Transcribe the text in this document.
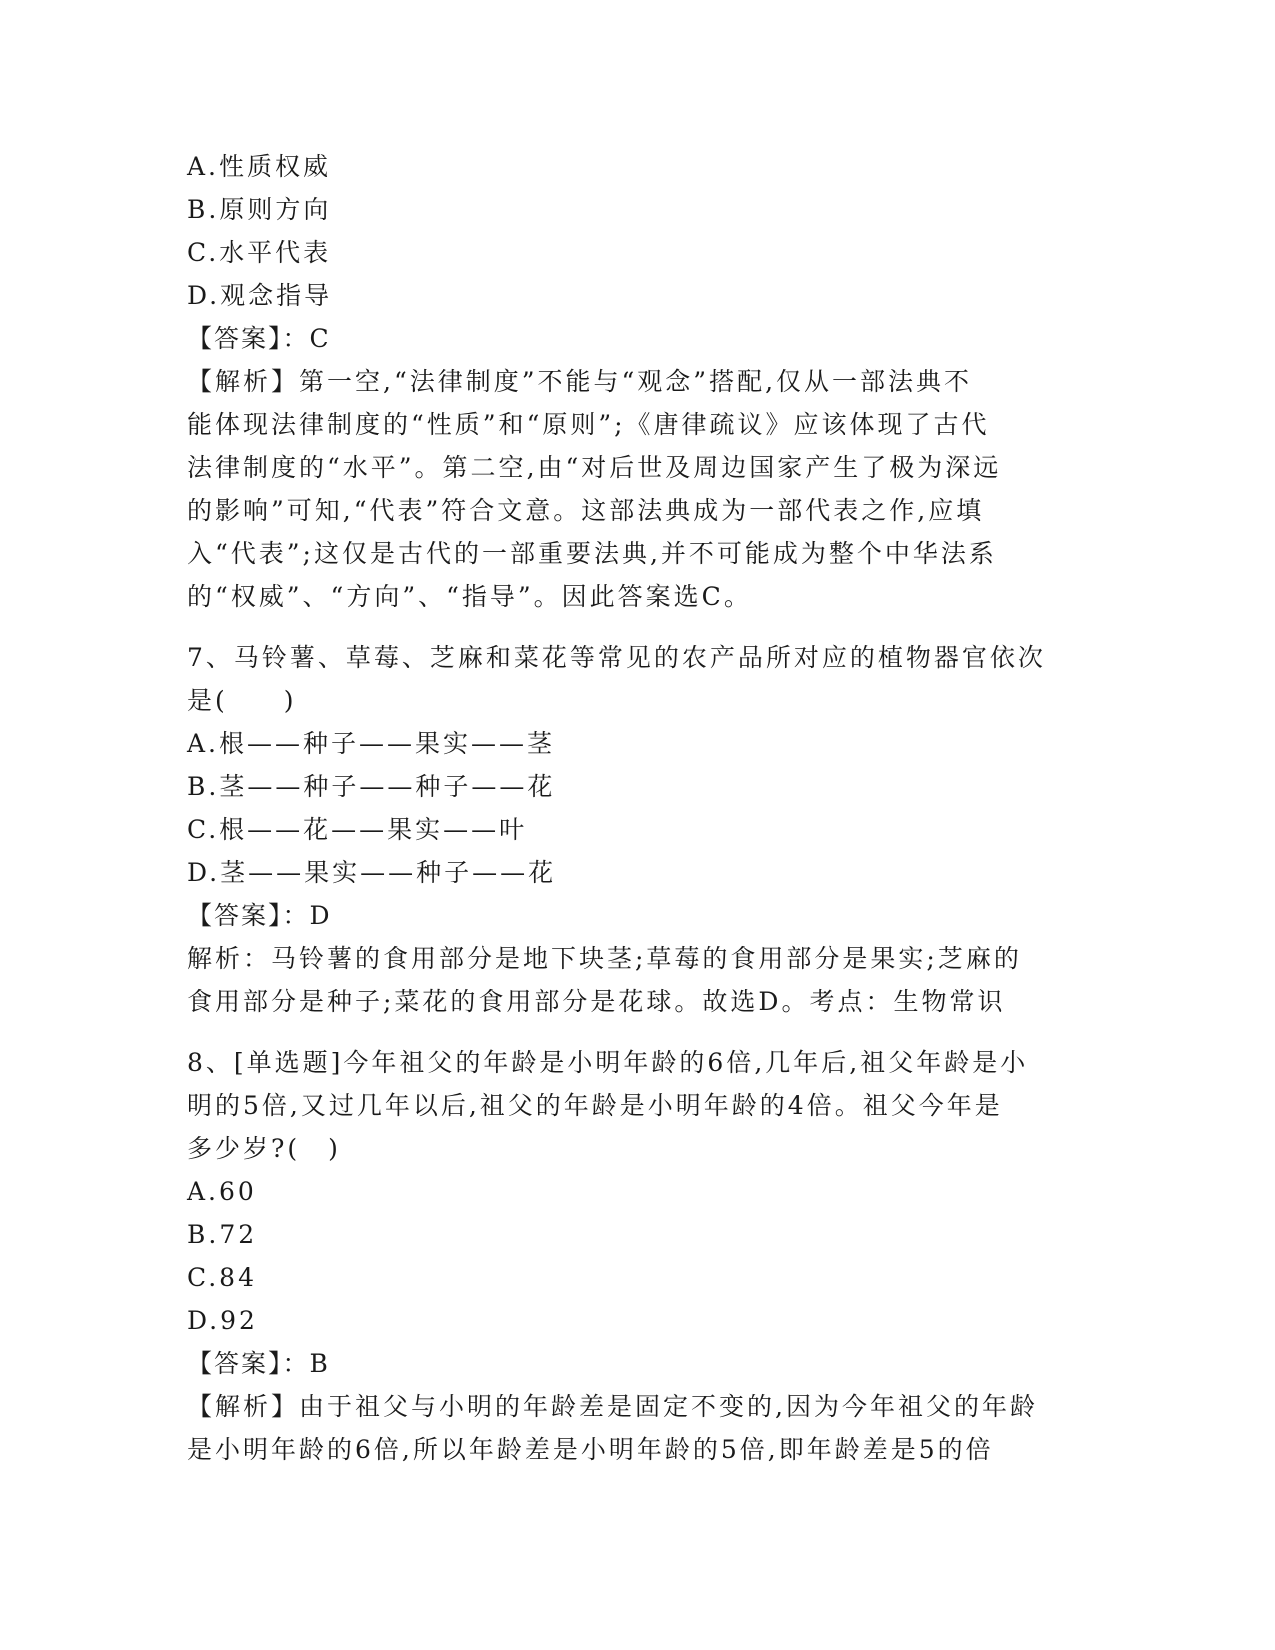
A.性质权威
B.原则方向
C.水平代表
D.观念指导
【答案】：C
【解析】第一空,“法律制度”不能与“观念”搭配,仅从一部法典不
能体现法律制度的“性质”和“原则”;《唐律疏议》应该体现了古代
法律制度的“水平”。第二空,由“对后世及周边国家产生了极为深远
的影响”可知,“代表”符合文意。这部法典成为一部代表之作,应填
入“代表”;这仅是古代的一部重要法典,并不可能成为整个中华法系
的“权威”、“方向”、“指导”。因此答案选C。
7、马铃薯、草莓、芝麻和菜花等常见的农产品所对应的植物器官依次
是(　　)
A.根——种子——果实——茎
B.茎——种子——种子——花
C.根——花——果实——叶
D.茎——果实——种子——花
【答案】：D
解析：马铃薯的食用部分是地下块茎;草莓的食用部分是果实;芝麻的
食用部分是种子;菜花的食用部分是花球。故选D。考点：生物常识
8、[单选题]今年祖父的年龄是小明年龄的6倍,几年后,祖父年龄是小
明的5倍,又过几年以后,祖父的年龄是小明年龄的4倍。祖父今年是
多少岁?(　)
A.60
B.72
C.84
D.92
【答案】：B
【解析】由于祖父与小明的年龄差是固定不变的,因为今年祖父的年龄
是小明年龄的6倍,所以年龄差是小明年龄的5倍,即年龄差是5的倍
